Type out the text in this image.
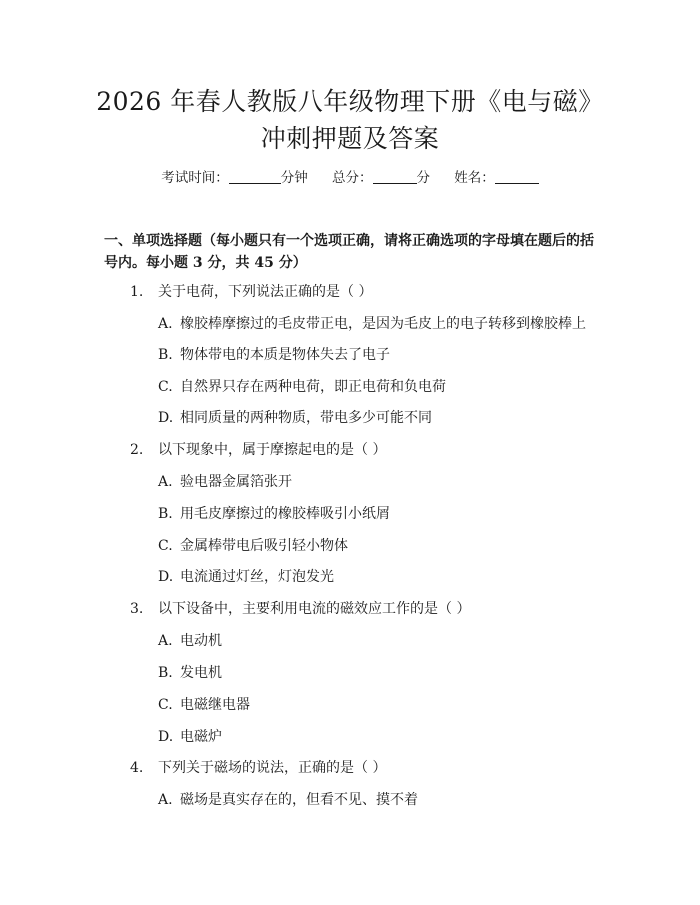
2026 年春人教版八年级物理下册《电与磁》
冲刺押题及答案
考试时间：	分钟 总分：	分 姓名：
一、单项选择题（每小题只有一个选项正确，请将正确选项的字母填在题后的括号内。每小题 3 分，共 45 分）
1. 关于电荷，下列说法正确的是（ ）
A. 橡胶棒摩擦过的毛皮带正电，是因为毛皮上的电子转移到橡胶棒上
B. 物体带电的本质是物体失去了电子
C. 自然界只存在两种电荷，即正电荷和负电荷
D. 相同质量的两种物质，带电多少可能不同
2. 以下现象中，属于摩擦起电的是（ ）
A. 验电器金属箔张开
B. 用毛皮摩擦过的橡胶棒吸引小纸屑
C. 金属棒带电后吸引轻小物体
D. 电流通过灯丝，灯泡发光
3. 以下设备中，主要利用电流的磁效应工作的是（ ）
A. 电动机
B. 发电机
C. 电磁继电器
D. 电磁炉
4. 下列关于磁场的说法，正确的是（ ）
A. 磁场是真实存在的，但看不见、摸不着
